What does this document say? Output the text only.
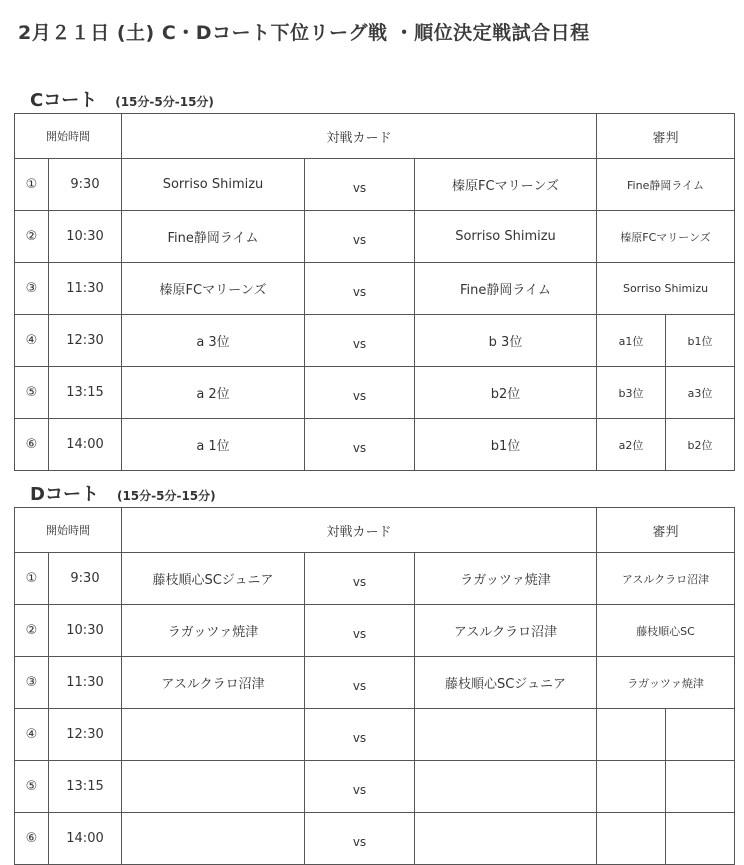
2月２１日 (土) C・Dコート下位リーグ戦 ・順位決定戦試合日程
Cコート (15分-5分-15分)
開始時間		対戦カード			審判	
①	9:30	Sorriso Shimizu	vs	榛原FCマリーンズ	Fine静岡ライム	
②	10:30	Fine静岡ライム	vs	Sorriso Shimizu	榛原FCマリーンズ	
③	11:30	榛原FCマリーンズ	vs	Fine静岡ライム	Sorriso Shimizu	
④	12:30	a 3位	vs	b 3位	a1位	b1位
⑤	13:15	a 2位	vs	b2位	b3位	a3位
⑥	14:00	a 1位	vs	b1位	a2位	b2位
Dコート (15分-5分-15分)
開始時間		対戦カード			審判	
①	9:30	藤枝順心SCジュニア	vs	ラガッツァ焼津	アスルクラロ沼津	
②	10:30	ラガッツァ焼津	vs	アスルクラロ沼津	藤枝順心SC	
③	11:30	アスルクラロ沼津	vs	藤枝順心SCジュニア	ラガッツァ焼津	
④	12:30		vs			
⑤	13:15		vs			
⑥	14:00		vs			
